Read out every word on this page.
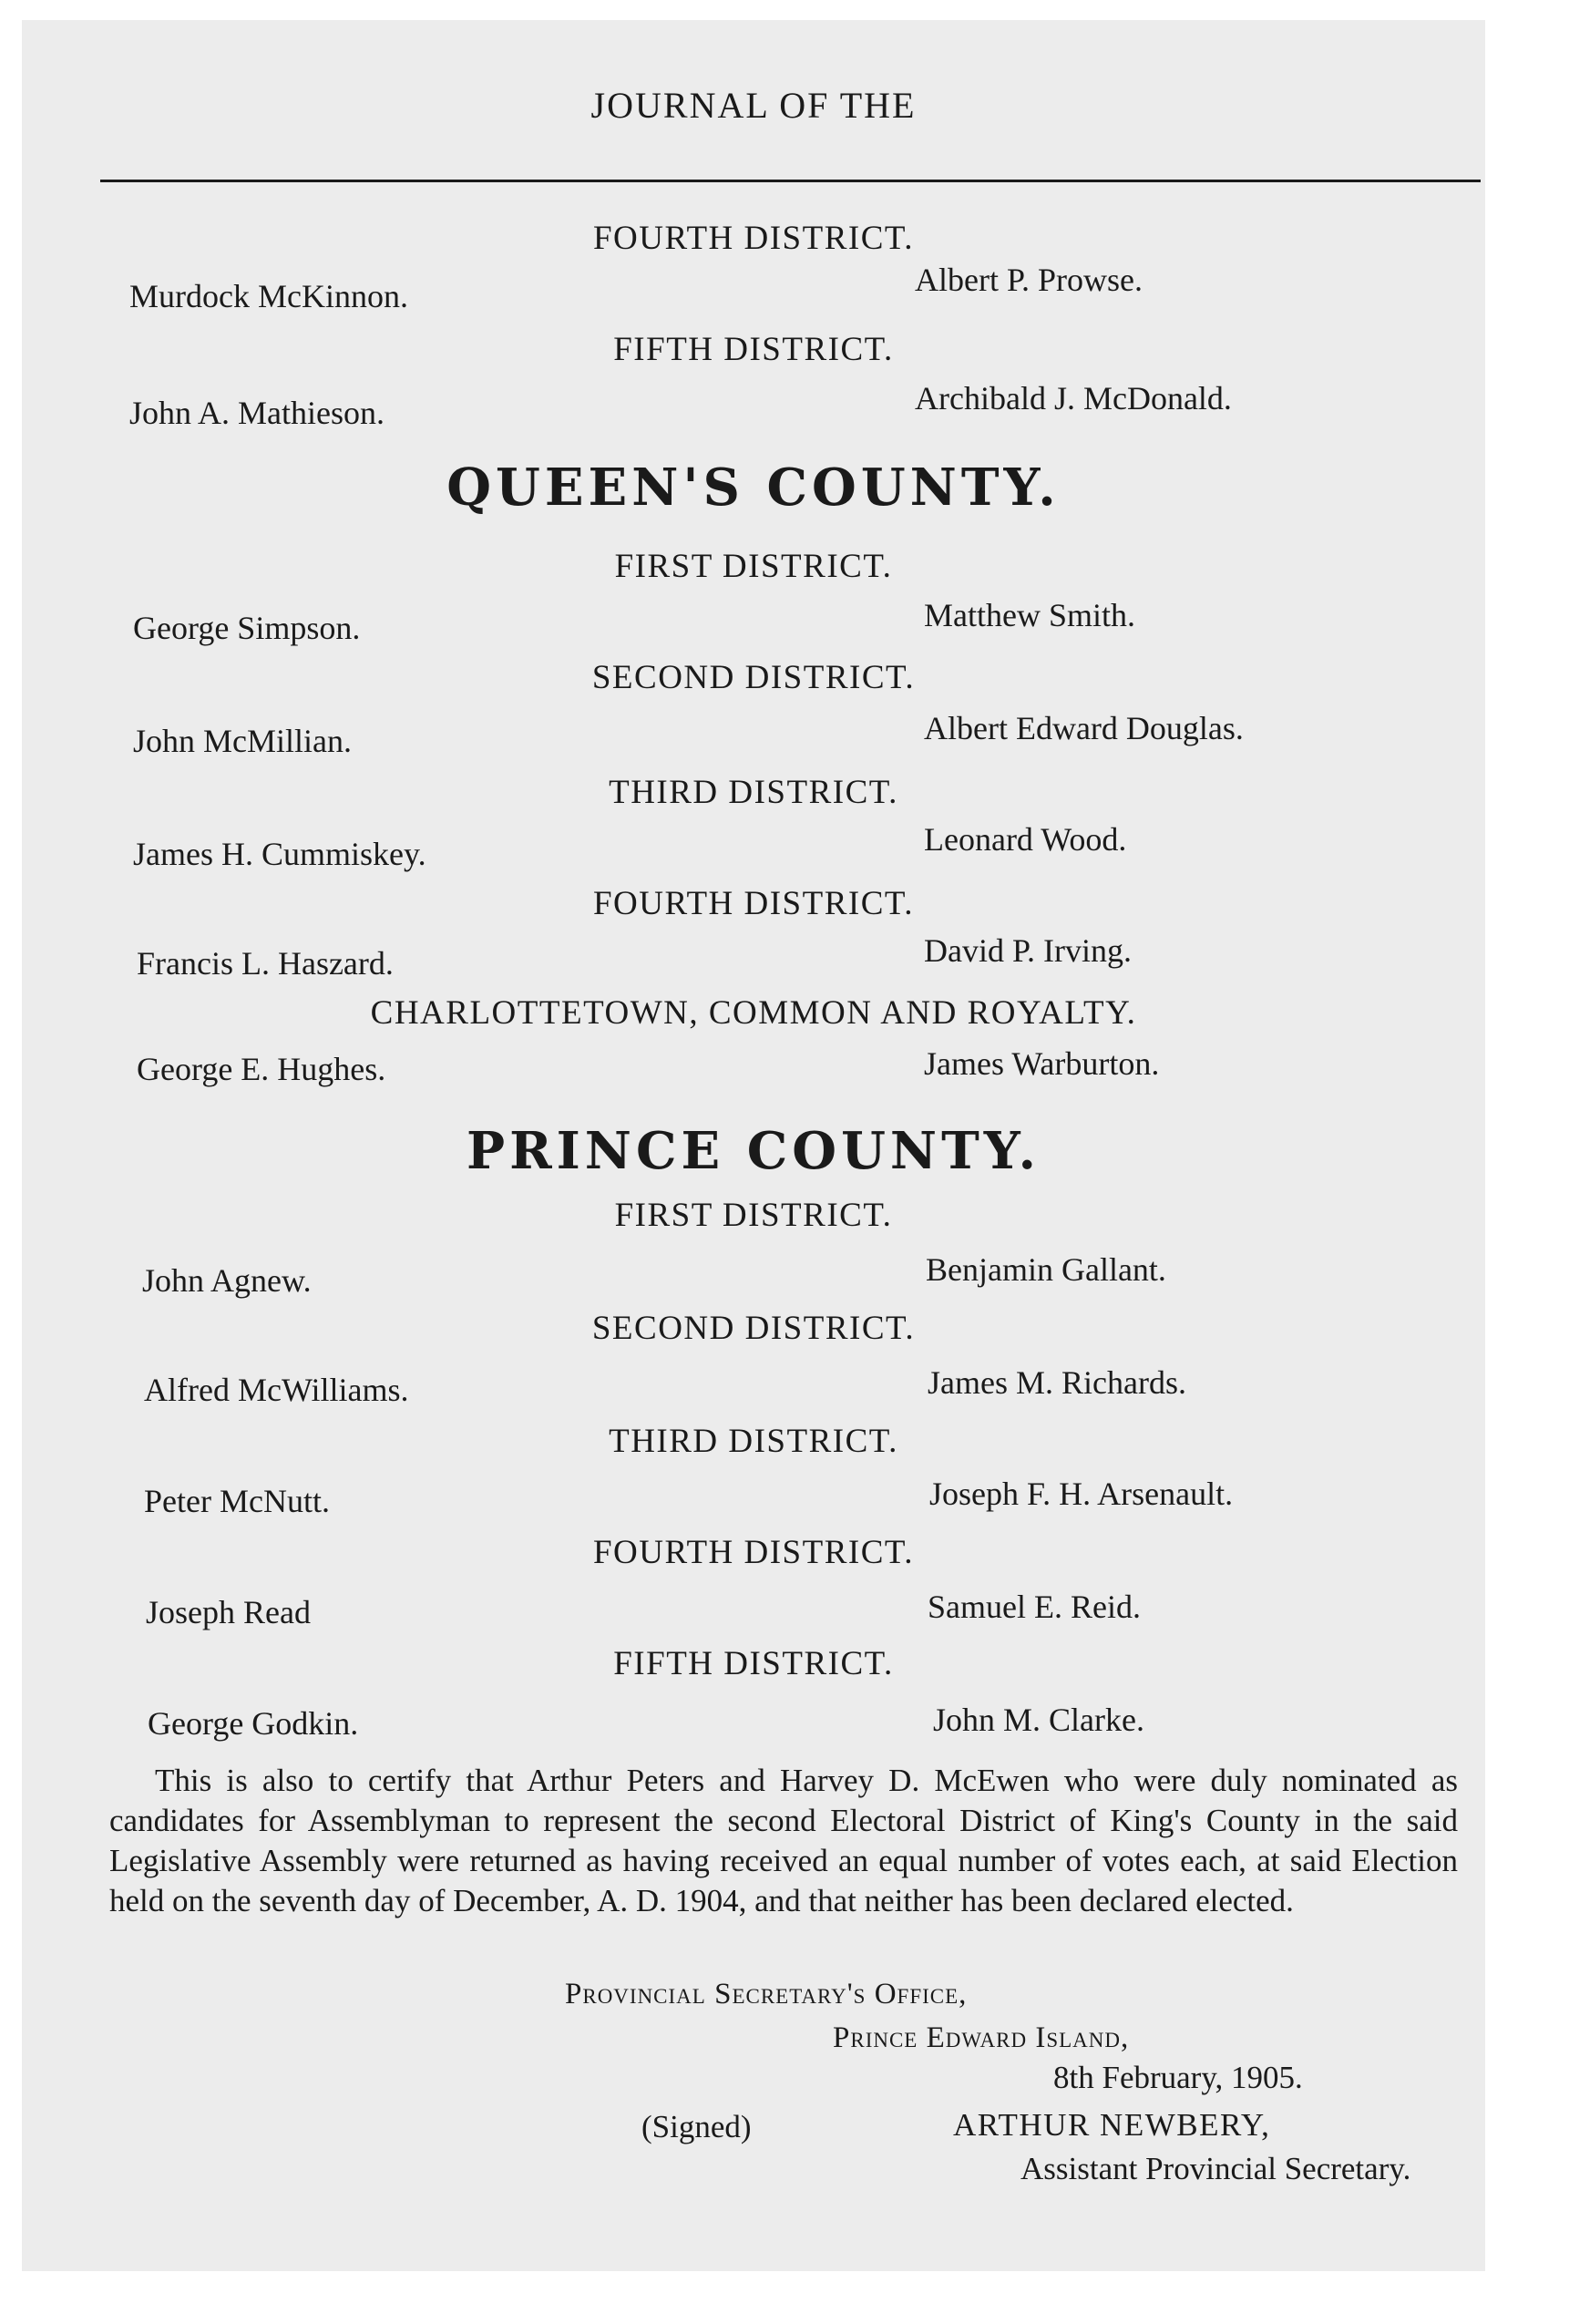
JOURNAL OF THE
FOURTH DISTRICT.
Murdock McKinnon.	Albert P. Prowse.
FIFTH DISTRICT.
John A. Mathieson.	Archibald J. McDonald.
QUEEN'S COUNTY.
FIRST DISTRICT.
George Simpson.	Matthew Smith.
SECOND DISTRICT.
John McMillian.	Albert Edward Douglas.
THIRD DISTRICT.
James H. Cummiskey.	Leonard Wood.
FOURTH DISTRICT.
Francis L. Haszard.	David P. Irving.
CHARLOTTETOWN, COMMON AND ROYALTY.
George E. Hughes.	James Warburton.
PRINCE COUNTY.
FIRST DISTRICT.
John Agnew.	Benjamin Gallant.
SECOND DISTRICT.
Alfred McWilliams.	James M. Richards.
THIRD DISTRICT.
Peter McNutt.	Joseph F. H. Arsenault.
FOURTH DISTRICT.
Joseph Read	Samuel E. Reid.
FIFTH DISTRICT.
George Godkin.	John M. Clarke.
This is also to certify that Arthur Peters and Harvey D. McEwen who were duly nominated as candidates for Assemblyman to represent the second Electoral District of King's County in the said Legislative Assembly were returned as having received an equal number of votes each, at said Election held on the seventh day of December, A. D. 1904, and that neither has been declared elected.
Provincial Secretary's Office,
Prince Edward Island,
8th February, 1905.
(Signed)	ARTHUR NEWBERY,
Assistant Provincial Secretary.
